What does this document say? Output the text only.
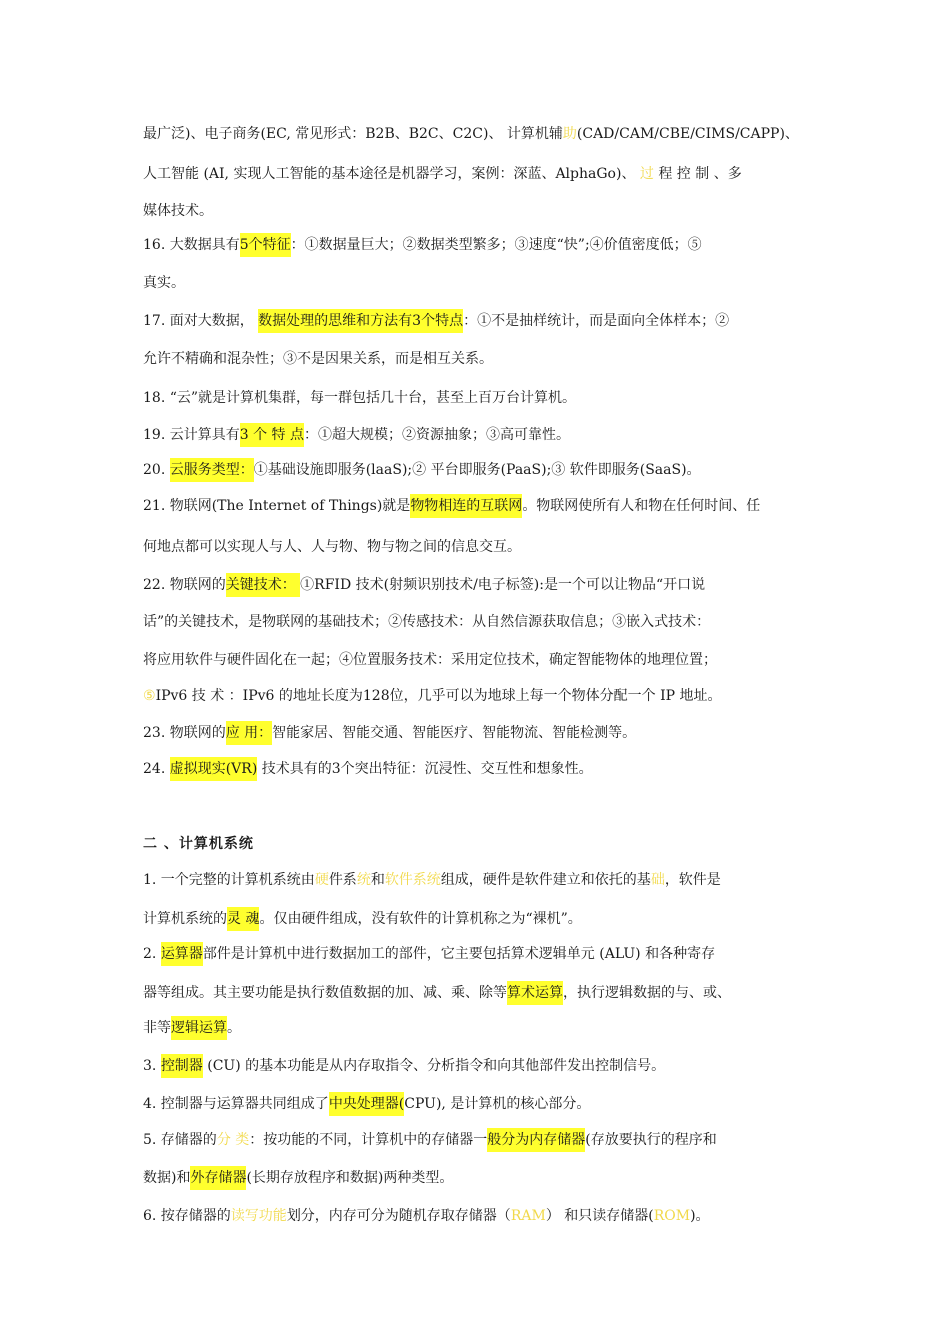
最广泛)、电子商务(EC, 常见形式：B2B、B2C、C2C)、 计算机辅助(CAD/CAM/CBE/CIMS/CAPP)、
人工智能 (AI, 实现人工智能的基本途径是机器学习，案例：深蓝、AlphaGo)、 过 程 控 制 、多
媒体技术。
16. 大数据具有5个特征：①数据量巨大；②数据类型繁多；③速度“快”;④价值密度低；⑤
真实。
17. 面对大数据， 数据处理的思维和方法有3个特点：①不是抽样统计，而是面向全体样本；②
允许不精确和混杂性；③不是因果关系，而是相互关系。
18. “云”就是计算机集群，每一群包括几十台，甚至上百万台计算机。
19. 云计算具有3 个 特 点：①超大规模；②资源抽象；③高可靠性。
20. 云服务类型：①基础设施即服务(laaS);② 平台即服务(PaaS);③ 软件即服务(SaaS)。
21. 物联网(The Internet of Things)就是物物相连的互联网。物联网使所有人和物在任何时间、任
何地点都可以实现人与人、人与物、物与物之间的信息交互。
22. 物联网的关键技术： ①RFID 技术(射频识别技术/电子标签):是一个可以让物品“开口说
话”的关键技术，是物联网的基础技术；②传感技术：从自然信源获取信息；③嵌入式技术：
将应用软件与硬件固化在一起；④位置服务技术：采用定位技术，确定智能物体的地理位置；
⑤IPv6 技 术 ：IPv6 的地址长度为128位，几乎可以为地球上每一个物体分配一个 IP 地址。
23. 物联网的应 用：智能家居、智能交通、智能医疗、智能物流、智能检测等。
24. 虚拟现实(VR) 技术具有的3个突出特征：沉浸性、交互性和想象性。
二 、计算机系统
1. 一个完整的计算机系统由硬件系统和软件系统组成，硬件是软件建立和依托的基础，软件是
计算机系统的灵 魂。仅由硬件组成，没有软件的计算机称之为“裸机”。
2. 运算器部件是计算机中进行数据加工的部件，它主要包括算术逻辑单元 (ALU) 和各种寄存
器等组成。其主要功能是执行数值数据的加、减、乘、除等算术运算，执行逻辑数据的与、或、
非等逻辑运算。
3. 控制器 (CU) 的基本功能是从内存取指令、分析指令和向其他部件发出控制信号。
4. 控制器与运算器共同组成了中央处理器(CPU), 是计算机的核心部分。
5. 存储器的分 类：按功能的不同，计算机中的存储器一般分为内存储器(存放要执行的程序和
数据)和外存储器(长期存放程序和数据)两种类型。
6. 按存储器的读写功能划分，内存可分为随机存取存储器（RAM） 和只读存储器(ROM)。
